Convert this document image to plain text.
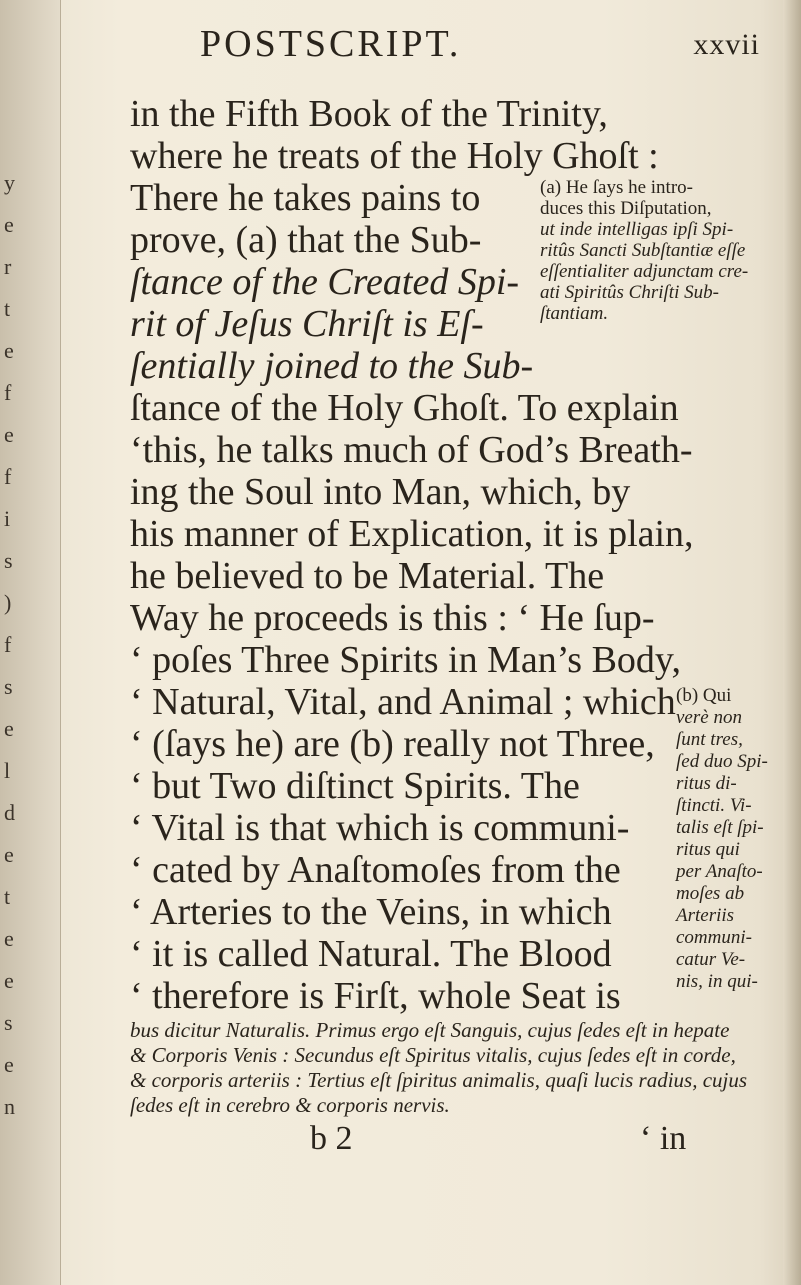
y
e
r
t
e
f
e
f
i
s
)
f
s
e
l
d
e
t
e
e
s
e
n
POSTSCRIPT.	xxvii
in the Fifth Book of the Trinity,
where he treats of the Holy Ghoſt :
There he takes pains to
prove, (a) that the Sub-
ſtance of the Created Spi-
rit of Jeſus Chriſt is Eſ-
ſentially joined to the Sub-
ſtance of the Holy Ghoſt. To explain
‘this, he talks much of God’s Breath-
ing the Soul into Man, which, by
his manner of Explication, it is plain,
he believed to be Material. The
Way he proceeds is this : ‘ He ſup-
‘ poſes Three Spirits in Man’s Body,
‘ Natural, Vital, and Animal ; which
‘ (ſays he) are (b) really not Three,
‘ but Two diſtinct Spirits. The
‘ Vital is that which is communi-
‘ cated by Anaſtomoſes from the
‘ Arteries to the Veins, in which
‘ it is called Natural. The Blood
‘ therefore is Firſt, whole Seat is
(a) He ſays he intro-
duces this Diſputation,
ut inde intelligas ipſi Spi-
ritûs Sancti Subſtantiæ eſſe
eſſentialiter adjunctam cre-
ati Spiritûs Chriſti Sub-
ſtantiam.
(b) Qui
verè non
ſunt tres,
ſed duo Spi-
ritus di-
ſtincti. Vi-
talis eſt ſpi-
ritus qui
per Anaſto-
moſes ab
Arteriis
communi-
catur Ve-
nis, in qui-
bus dicitur Naturalis. Primus ergo eſt Sanguis, cujus ſedes eſt in hepate
& Corporis Venis : Secundus eſt Spiritus vitalis, cujus ſedes eſt in corde,
& corporis arteriis : Tertius eſt ſpiritus animalis, quaſi lucis radius, cujus
ſedes eſt in cerebro & corporis nervis.
b 2	‘ in
